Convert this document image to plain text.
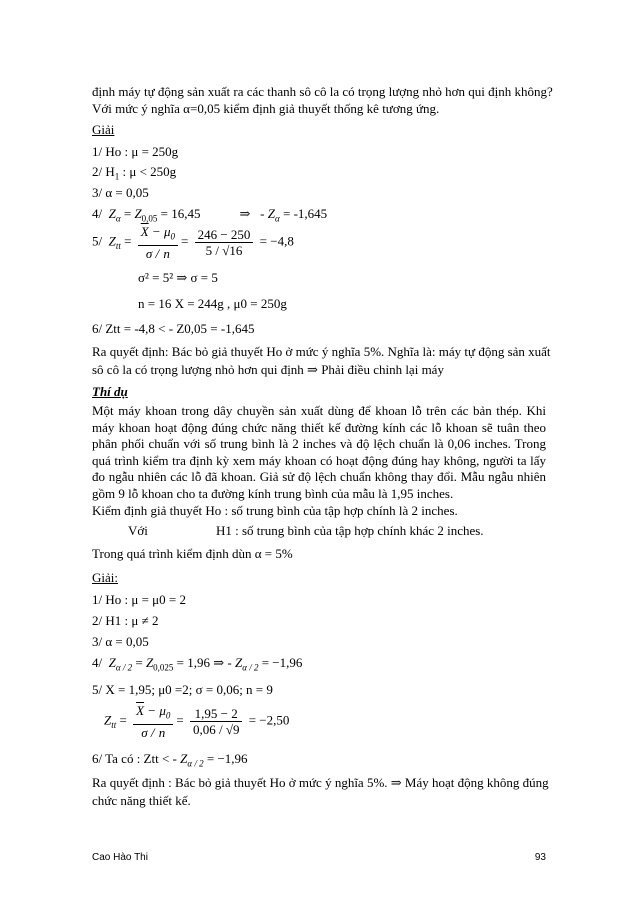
định máy tự động sản xuất ra các thanh sô cô la có trọng lượng nhỏ hơn qui định không?
Với mức ý nghĩa α=0,05 kiểm định giả thuyết thống kê tương ứng.
Giải
1/ Ho : μ = 250g
2/ $H_1$ : μ < 250g
3/ α = 0,05
4/ $Z_\alpha = Z_{0,05} = 16,45$	⇒   - $Z_\alpha = -1,645$
5/ $Z_{tt} = \frac{\overline{X} - \mu_0}{\sigma / n} = \frac{246 - 250}{5 / √16} = -4,8$
σ² = 5² ⇒ σ = 5
n = 16 X = 244g , μ0 = 250g
6/ Ztt = -4,8 < - Z0,05 = -1,645
Ra quyết định: Bác bỏ giả thuyết Ho ở mức ý nghĩa 5%. Nghĩa là: máy tự động sản xuất
sô cô la có trọng lượng nhỏ hơn qui định ⇒ Phải điều chỉnh lại máy
Thí dụ
Một máy khoan trong dây chuyền sản xuất dùng để khoan lỗ trên các bản thép. Khi máy khoan hoạt động đúng chức năng thiết kế đường kính các lỗ khoan sẽ tuân theo phân phối chuẩn với số trung bình là 2 inches và độ lệch chuẩn là 0,06 inches. Trong quá trình kiểm tra định kỳ xem máy khoan có hoạt động đúng hay không, người ta lấy đo ngẫu nhiên các lỗ đã khoan. Giả sử độ lệch chuẩn không thay đổi. Mẫu ngẫu nhiên gồm 9 lỗ khoan cho ta đường kính trung bình của mẫu là 1,95 inches.
Kiểm định giả thuyết Ho : số trung bình của tập hợp chính là 2 inches.
Với	H1 : số trung bình của tập hợp chính khác 2 inches.
Trong quá trình kiểm định dùn α = 5%
Giải:
1/ Ho : μ = μ0 = 2
2/ H1 : μ ≠ 2
3/ α = 0,05
4/ $Z_{\alpha / 2} = Z_{0,025} = 1,96$ ⇒ - $Z_{\alpha / 2} = -1,96$
5/ X = 1,95; μ0 =2; σ = 0,06; n = 9
$Z_{tt} = \frac{\overline{X} - \mu_0}{\sigma / n} = \frac{1,95 - 2}{0,06 / √9} = -2,50$
6/ Ta có : Ztt < - $Z_{\alpha / 2} = -1,96$
Ra quyết định : Bác bỏ giả thuyết Ho ở mức ý nghĩa 5%. ⇒ Máy hoạt động không đúng
chức năng thiết kế.
Cao Hào Thi	93
